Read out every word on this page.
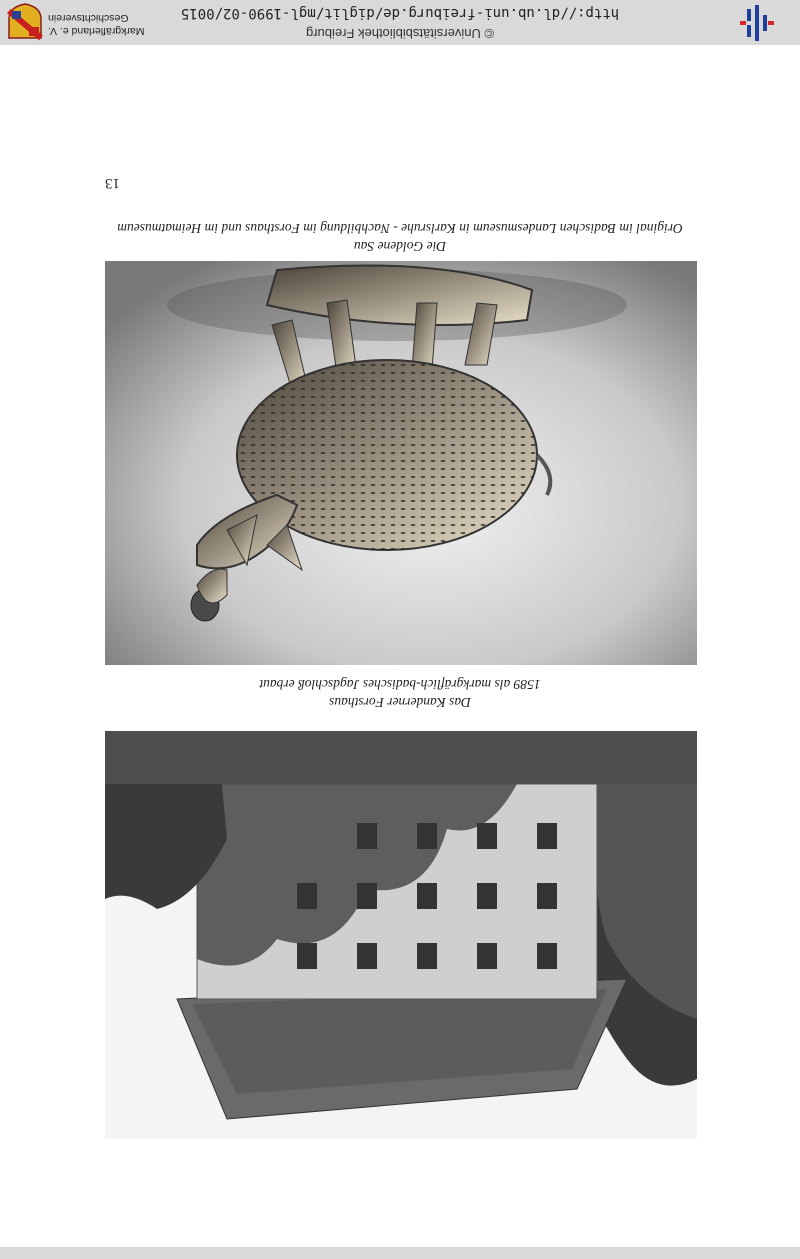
© Universitätsbibliothek Freiburg
http://dl.ub.uni-freiburg.de/diglit/mgl-1990-02/0015
Markgräflerland e. V.
Geschichtsverein
13
Die Goldene Sau
Original im Badischen Landesmuseum in Karlsruhe - Nachbildung im Forsthaus und im Heimatmuseum
Das Kanderner Forsthaus
1589 als markgräflich-badisches Jagdschloß erbaut
